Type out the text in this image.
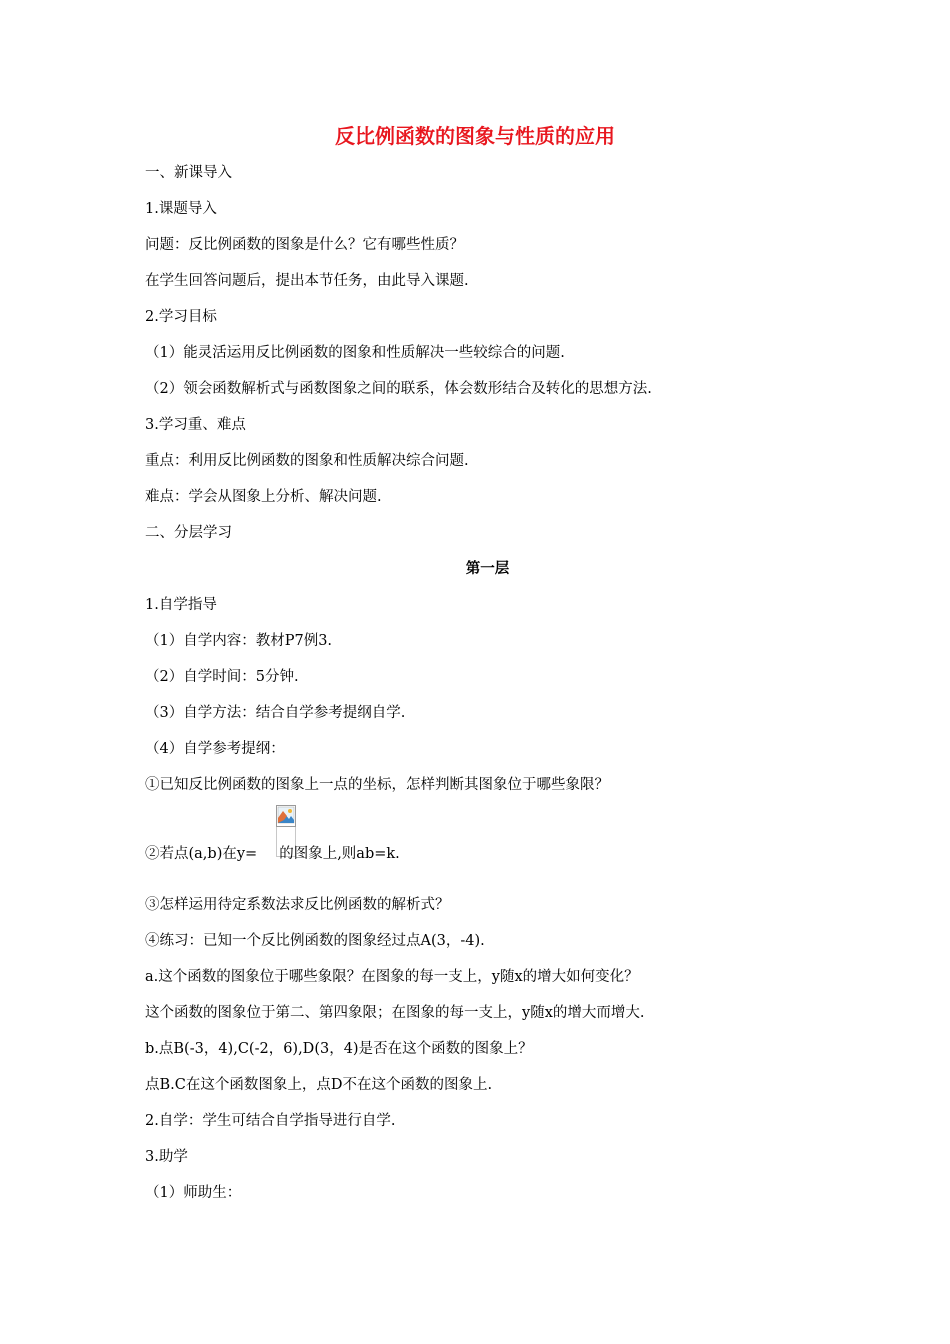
反比例函数的图象与性质的应用
一、新课导入
1.课题导入
问题：反比例函数的图象是什么？它有哪些性质？
在学生回答问题后，提出本节任务，由此导入课题.
2.学习目标
（1）能灵活运用反比例函数的图象和性质解决一些较综合的问题.
（2）领会函数解析式与函数图象之间的联系，体会数形结合及转化的思想方法.
3.学习重、难点
重点：利用反比例函数的图象和性质解决综合问题.
难点：学会从图象上分析、解决问题.
二、分层学习
第一层
1.自学指导
（1）自学内容：教材P7例3.
（2）自学时间：5分钟.
（3）自学方法：结合自学参考提纲自学.
（4）自学参考提纲：
①已知反比例函数的图象上一点的坐标，怎样判断其图象位于哪些象限？
②若点(a,b)在y= 的图象上,则ab=k.
③怎样运用待定系数法求反比例函数的解析式？
④练习：已知一个反比例函数的图象经过点A(3，-4).
a.这个函数的图象位于哪些象限？在图象的每一支上，y随x的增大如何变化？
这个函数的图象位于第二、第四象限；在图象的每一支上，y随x的增大而增大.
b.点B(-3，4),C(-2，6),D(3，4)是否在这个函数的图象上？
点B.C在这个函数图象上，点D不在这个函数的图象上.
2.自学：学生可结合自学指导进行自学.
3.助学
（1）师助生：
